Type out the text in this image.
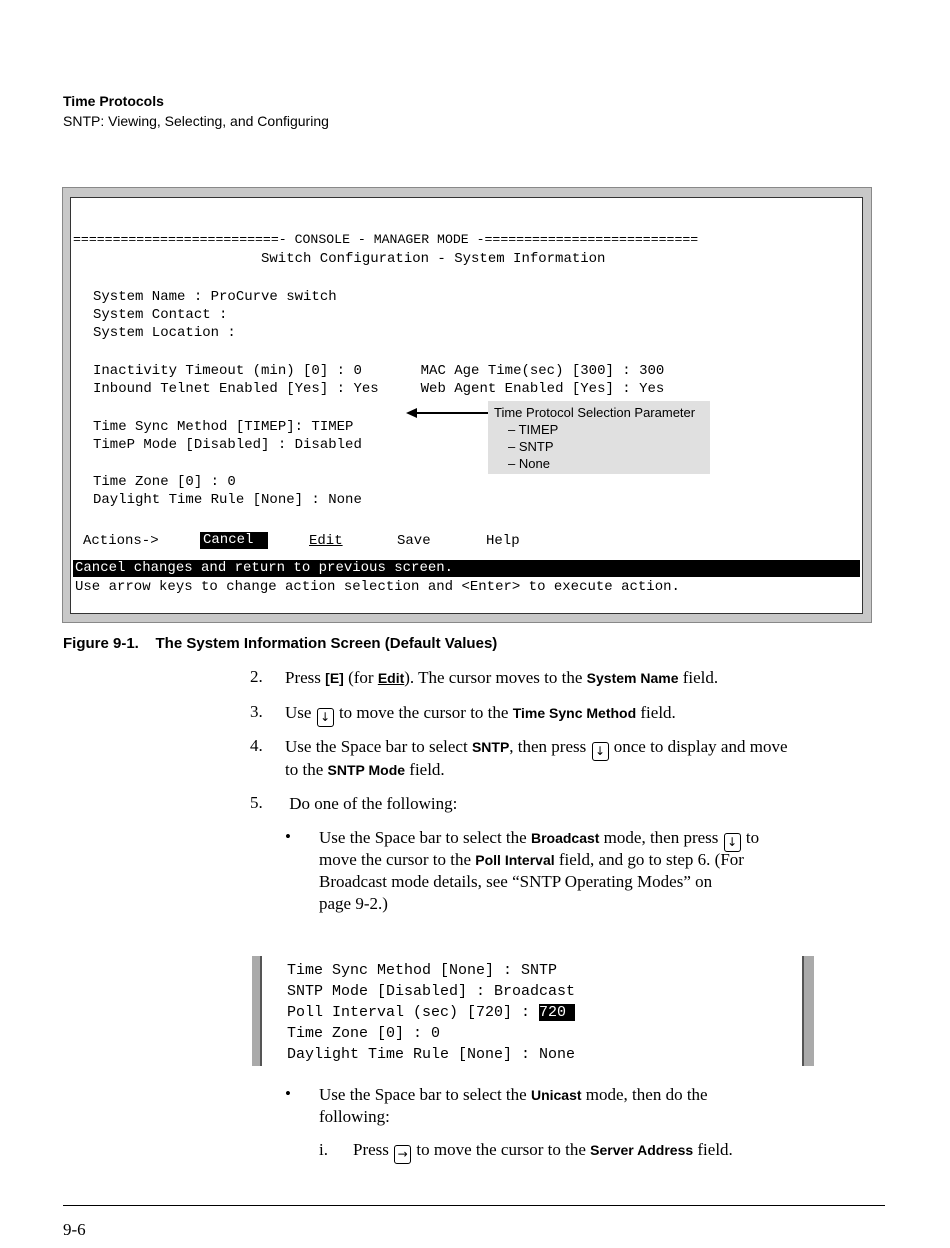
Time Protocols
SNTP: Viewing, Selecting, and Configuring
==========================- CONSOLE - MANAGER MODE -===========================
Switch Configuration - System Information
System Name : ProCurve switch
System Contact :
System Location :
Inactivity Timeout (min) [0] : 0       MAC Age Time(sec) [300] : 300
Inbound Telnet Enabled [Yes] : Yes     Web Agent Enabled [Yes] : Yes
Time Sync Method [TIMEP]: TIMEP
TimeP Mode [Disabled] : Disabled
Time Zone [0] : 0
Daylight Time Rule [None] : None
Actions->	Cancel	Edit	Save	Help
Cancel changes and return to previous screen.
Use arrow keys to change action selection and <Enter> to execute action.
Time Protocol Selection Parameter
– TIMEP
– SNTP
– None
Figure 9-1.    The System Information Screen (Default Values)
2. Press [E] (for Edit). The cursor moves to the System Name field.
3. Use ↓ to move the cursor to the Time Sync Method field.
4. Use the Space bar to select SNTP, then press ↓ once to display and move
to the SNTP Mode field.
5. Do one of the following:
• Use the Space bar to select the Broadcast mode, then press ↓ to
move the cursor to the Poll Interval field, and go to step 6. (For
Broadcast mode details, see “SNTP Operating Modes” on
page 9-2.)
Time Sync Method [None] : SNTP
SNTP Mode [Disabled] : Broadcast
Poll Interval (sec) [720] : 720
Time Zone [0] : 0
Daylight Time Rule [None] : None
• Use the Space bar to select the Unicast mode, then do the
following:
i. Press → to move the cursor to the Server Address field.
9-6
